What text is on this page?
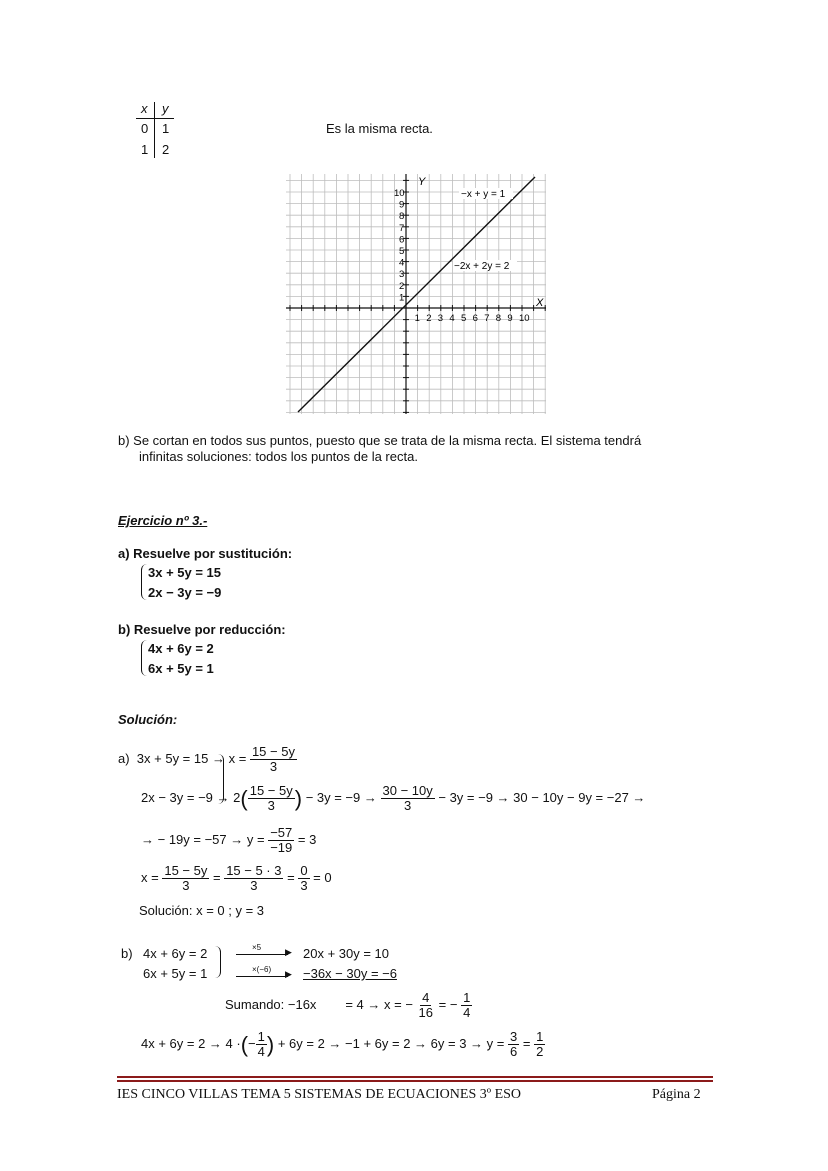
x y
0 1
1 2
Es la misma recta.
X
Y
1 2 3 4 5 6 7 8 9 10
1
2
3
4
5
6
7
8
9
10	−x + y = 1
−2x + 2y = 2
b) Se cortan en todos sus puntos, puesto que se trata de la misma recta. El sistema tendrá
infinitas soluciones: todos los puntos de la recta.
Ejercicio nº 3.-
a) Resuelve por sustitución:
3x + 5y = 15
2x − 3y = −9
b) Resuelve por reducción:
4x + 6y = 2
6x + 5y = 1
Solución:
a) $3x + 5y = 15 \to x = \frac{15 - 5y}{3}$
$2x - 3y = -9 \to 2( \frac{15 - 5y}{3}$ ) − $3y = -9 \to \frac{30 - 10y}{3} - 3y = -9 \to 30 - 10y - 9y = -27$ →
→ − $19y = -57 \to y = \frac{-57}{-19} = 3$
$x = \frac{15 - 5y}{3} = \frac{15 - 5 \cdot 3}{3} = \frac{0}{3} = 0$
Solución: x = 0 ; y = 3
b) 4x + 6y = 2
6x + 5y = 1
×5	▶
×(−6) ▶
20x + 30y = 10
−36x − 30y = −6
Sumando: −16x = 4 → x = − $\frac{4}{16}$ = − $\frac{1}{4}$
4x + 6y = 2 → 4 ·(− $\frac{1}{4}$ ) + $6y = 2 \to -1 + 6y = 2 \to 6y = 3 \to y = \frac{3}{6} = \frac{1}{2}$
IES CINCO VILLAS TEMA 5 SISTEMAS DE ECUACIONES 3º ESO	Página 2
